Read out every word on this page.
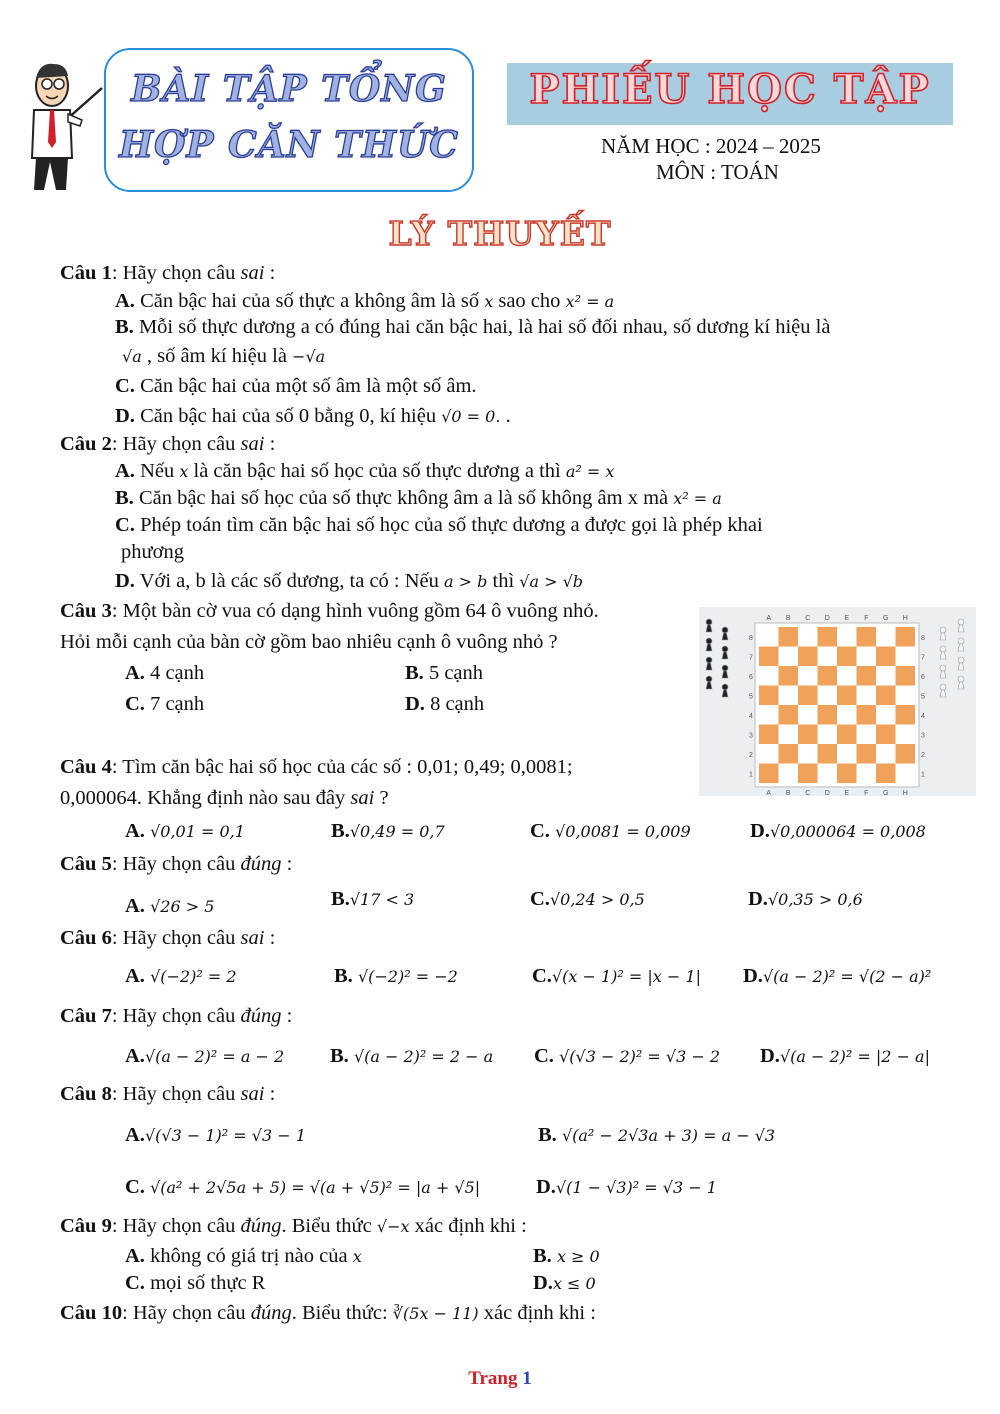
BÀI TẬP TỔNG
HỢP CĂN THỨC
PHIẾU HỌC TẬP
NĂM HỌC : 2024 – 2025
MÔN : TOÁN
LÝ THUYẾT
Câu 1: Hãy chọn câu sai :
A. Căn bậc hai của số thực a không âm là số x sao cho x² = a
B. Mỗi số thực dương a có đúng hai căn bậc hai, là hai số đối nhau, số dương kí hiệu là
√a , số âm kí hiệu là −√a
C. Căn bậc hai của một số âm là một số âm.
D. Căn bậc hai của số 0 bằng 0, kí hiệu √0 = 0. .
Câu 2: Hãy chọn câu sai :
A. Nếu x là căn bậc hai số học của số thực dương a thì a² = x
B. Căn bậc hai số học của số thực không âm a là số không âm x mà x² = a
C. Phép toán tìm căn bậc hai số học của số thực dương a được gọi là phép khai
phương
D. Với a, b là các số dương, ta có : Nếu a > b thì √a > √b
Câu 3: Một bàn cờ vua có dạng hình vuông gồm 64 ô vuông nhỏ.
Hỏi mỗi cạnh của bàn cờ gồm bao nhiêu cạnh ô vuông nhỏ ?
A. 4 cạnh	B. 5 cạnh
C. 7 cạnh	D. 8 cạnh
A
A
B
B
C
C
D
D
E
E
F
F
G
G
H
H
8	8
7	7
6	6
5	5
4	4
3	3
2	2
1	1
Câu 4: Tìm căn bậc hai số học của các số : 0,01; 0,49; 0,0081;
0,000064. Khẳng định nào sau đây sai ?
A. √0,01 = 0,1	B.√0,49 = 0,7	C. √0,0081 = 0,009	D.√0,000064 = 0,008
Câu 5: Hãy chọn câu đúng :
A. √26 > 5	B.√17 < 3	C.√0,24 > 0,5	D.√0,35 > 0,6
Câu 6: Hãy chọn câu sai :
A. √(−2)² = 2	B. √(−2)² = −2	C.√(x − 1)² = |x − 1| D.√(a − 2)² = √(2 − a)²
Câu 7: Hãy chọn câu đúng :
A.√(a − 2)² = a − 2 B. √(a − 2)² = 2 − a C. √(√3 − 2)² = √3 − 2 D.√(a − 2)² = |2 − a|
Câu 8: Hãy chọn câu sai :
A.√(√3 − 1)² = √3 − 1	B. √(a² − 2√3a + 3) = a − √3
C. √(a² + 2√5a + 5) = √(a + √5)² = |a + √5|	D.√(1 − √3)² = √3 − 1
Câu 9: Hãy chọn câu đúng. Biểu thức √−x xác định khi :
A. không có giá trị nào của x	B. x ≥ 0
C. mọi số thực R	D.x ≤ 0
Câu 10: Hãy chọn câu đúng. Biểu thức: ∛(5x − 11) xác định khi :
Trang 1
